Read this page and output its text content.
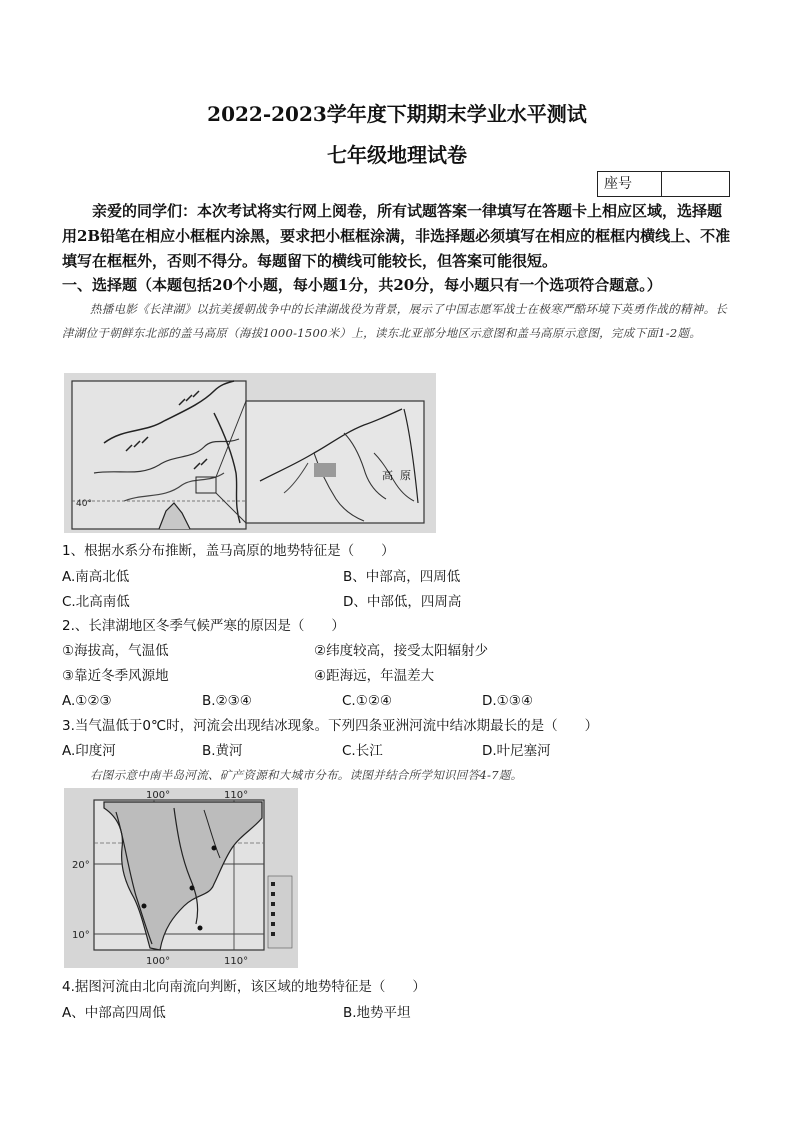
2022-2023学年度下期期末学业水平测试
七年级地理试卷
座号
亲爱的同学们：本次考试将实行网上阅卷，所有试题答案一律填写在答题卡上相应区域，选择题用2B铅笔在相应小框框内涂黑，要求把小框框涂满，非选择题必须填写在相应的框框内横线上、不准填写在框框外，否则不得分。每题留下的横线可能较长，但答案可能很短。
一、选择题（本题包括20个小题，每小题1分，共20分，每小题只有一个选项符合题意。）
热播电影《长津湖》以抗美援朝战争中的长津湖战役为背景，展示了中国志愿军战士在极寒严酷环境下英勇作战的精神。长津湖位于朝鲜东北部的盖马高原（海拔1000-1500米）上，读东北亚部分地区示意图和盖马高原示意图，完成下面1-2题。
40°
高 原
1、根据水系分布推断，盖马高原的地势特征是（　　）
A.南高北低	B、中部高，四周低
C.北高南低	D、中部低，四周高
2.、长津湖地区冬季气候严寒的原因是（　　）
①海拔高，气温低	②纬度较高，接受太阳辐射少
③靠近冬季风源地	④距海远，年温差大
A.①②③	B.②③④	C.①②④	D.①③④
3.当气温低于0℃时，河流会出现结冰现象。下列四条亚洲河流中结冰期最长的是（　　）
A.印度河	B.黄河	C.长江	D.叶尼塞河
右图示意中南半岛河流、矿产资源和大城市分布。读图并结合所学知识回答4-7题。
100°	110°
100°	110°
20°
10°
4.据图河流由北向南流向判断，该区域的地势特征是（　　）
A、中部高四周低	B.地势平坦
